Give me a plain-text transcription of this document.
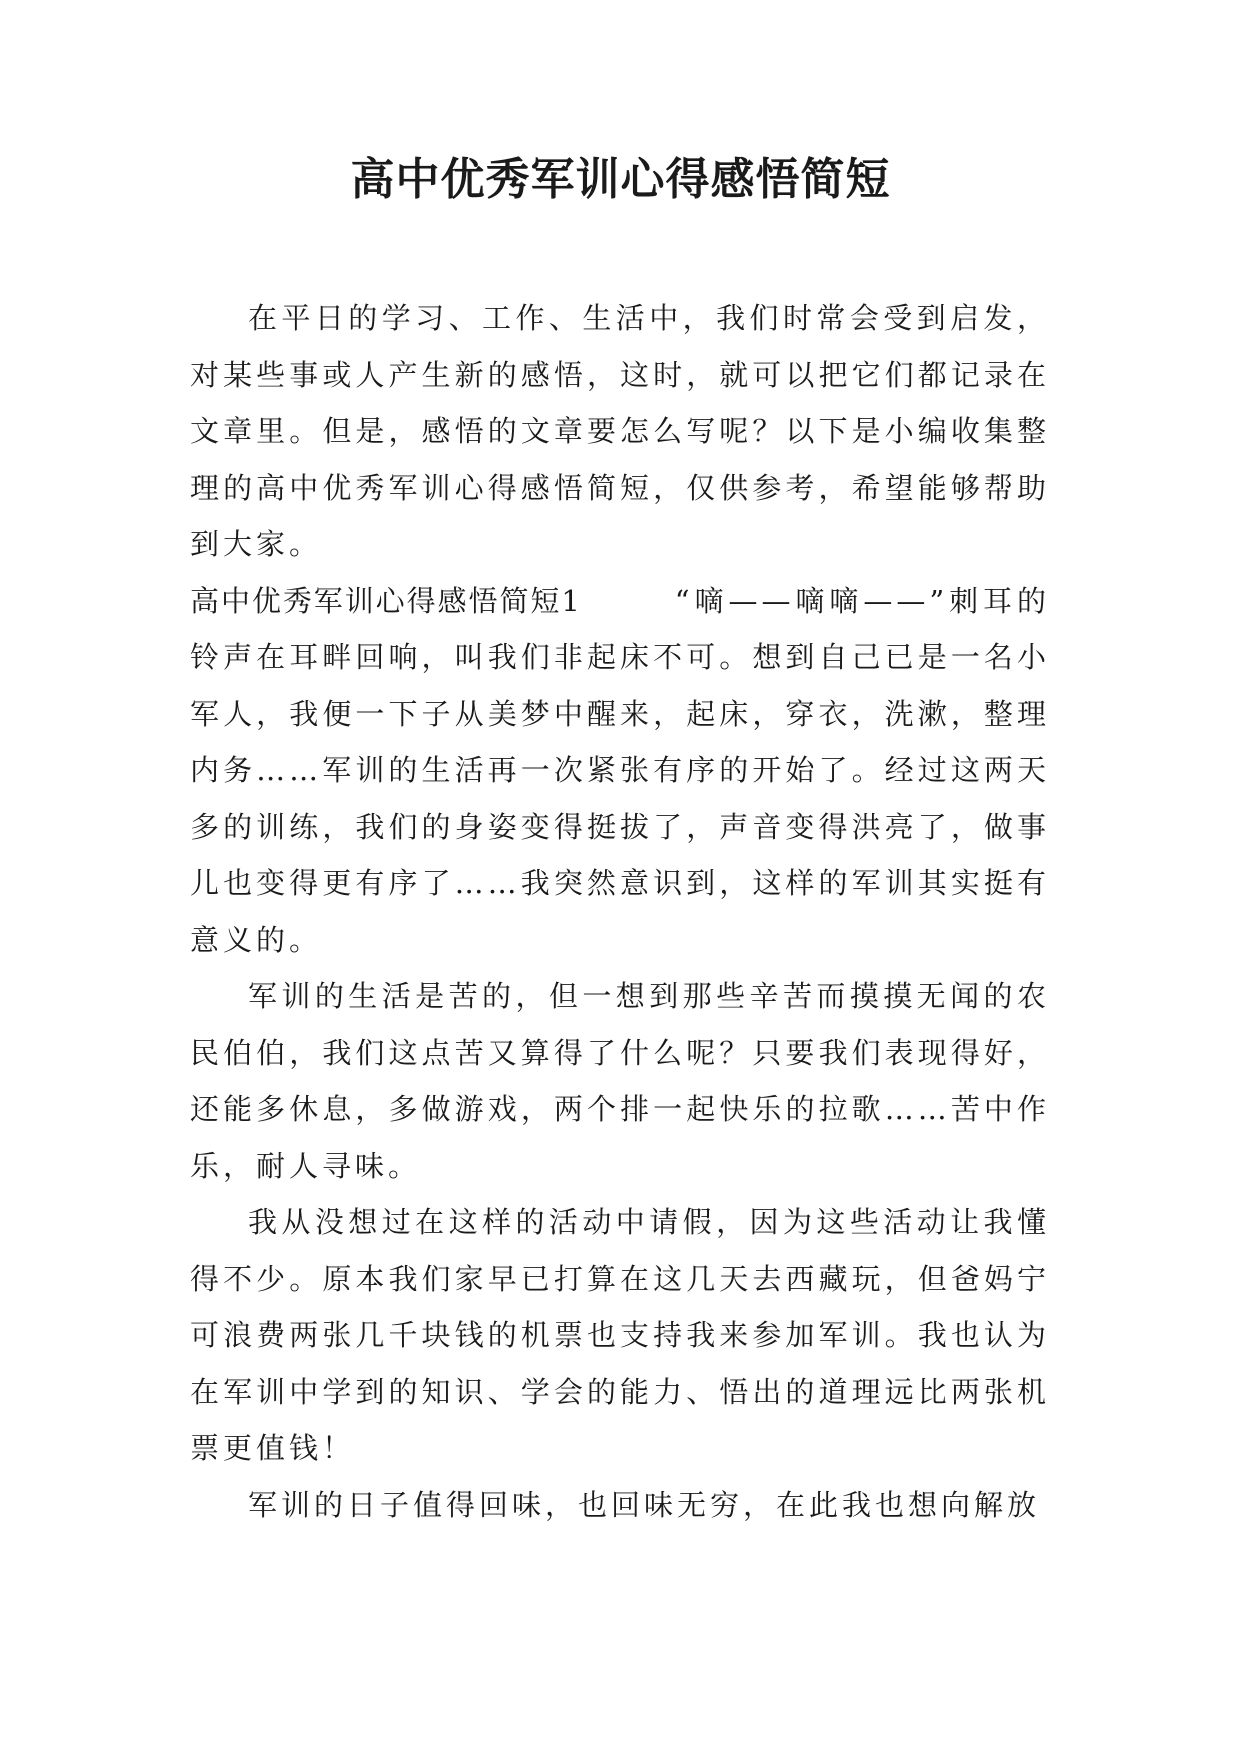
高中优秀军训心得感悟简短

在平日的学习、工作、生活中，我们时常会受到启发，对某些事或人产生新的感悟，这时，就可以把它们都记录在文章里。但是，感悟的文章要怎么写呢？以下是小编收集整理的高中优秀军训心得感悟简短，仅供参考，希望能够帮助到大家。

高中优秀军训心得感悟简短1	“嘀——嘀嘀——”刺耳的铃声在耳畔回响，叫我们非起床不可。想到自己已是一名小军人，我便一下子从美梦中醒来，起床，穿衣，洗漱，整理内务……军训的生活再一次紧张有序的开始了。经过这两天多的训练，我们的身姿变得挺拔了，声音变得洪亮了，做事儿也变得更有序了……我突然意识到，这样的军训其实挺有意义的。

军训的生活是苦的，但一想到那些辛苦而摸摸无闻的农民伯伯，我们这点苦又算得了什么呢？只要我们表现得好，还能多休息，多做游戏，两个排一起快乐的拉歌……苦中作乐，耐人寻味。

我从没想过在这样的活动中请假，因为这些活动让我懂得不少。原本我们家早已打算在这几天去西藏玩，但爸妈宁可浪费两张几千块钱的机票也支持我来参加军训。我也认为在军训中学到的知识、学会的能力、悟出的道理远比两张机票更值钱！

军训的日子值得回味，也回味无穷，在此我也想向解放
